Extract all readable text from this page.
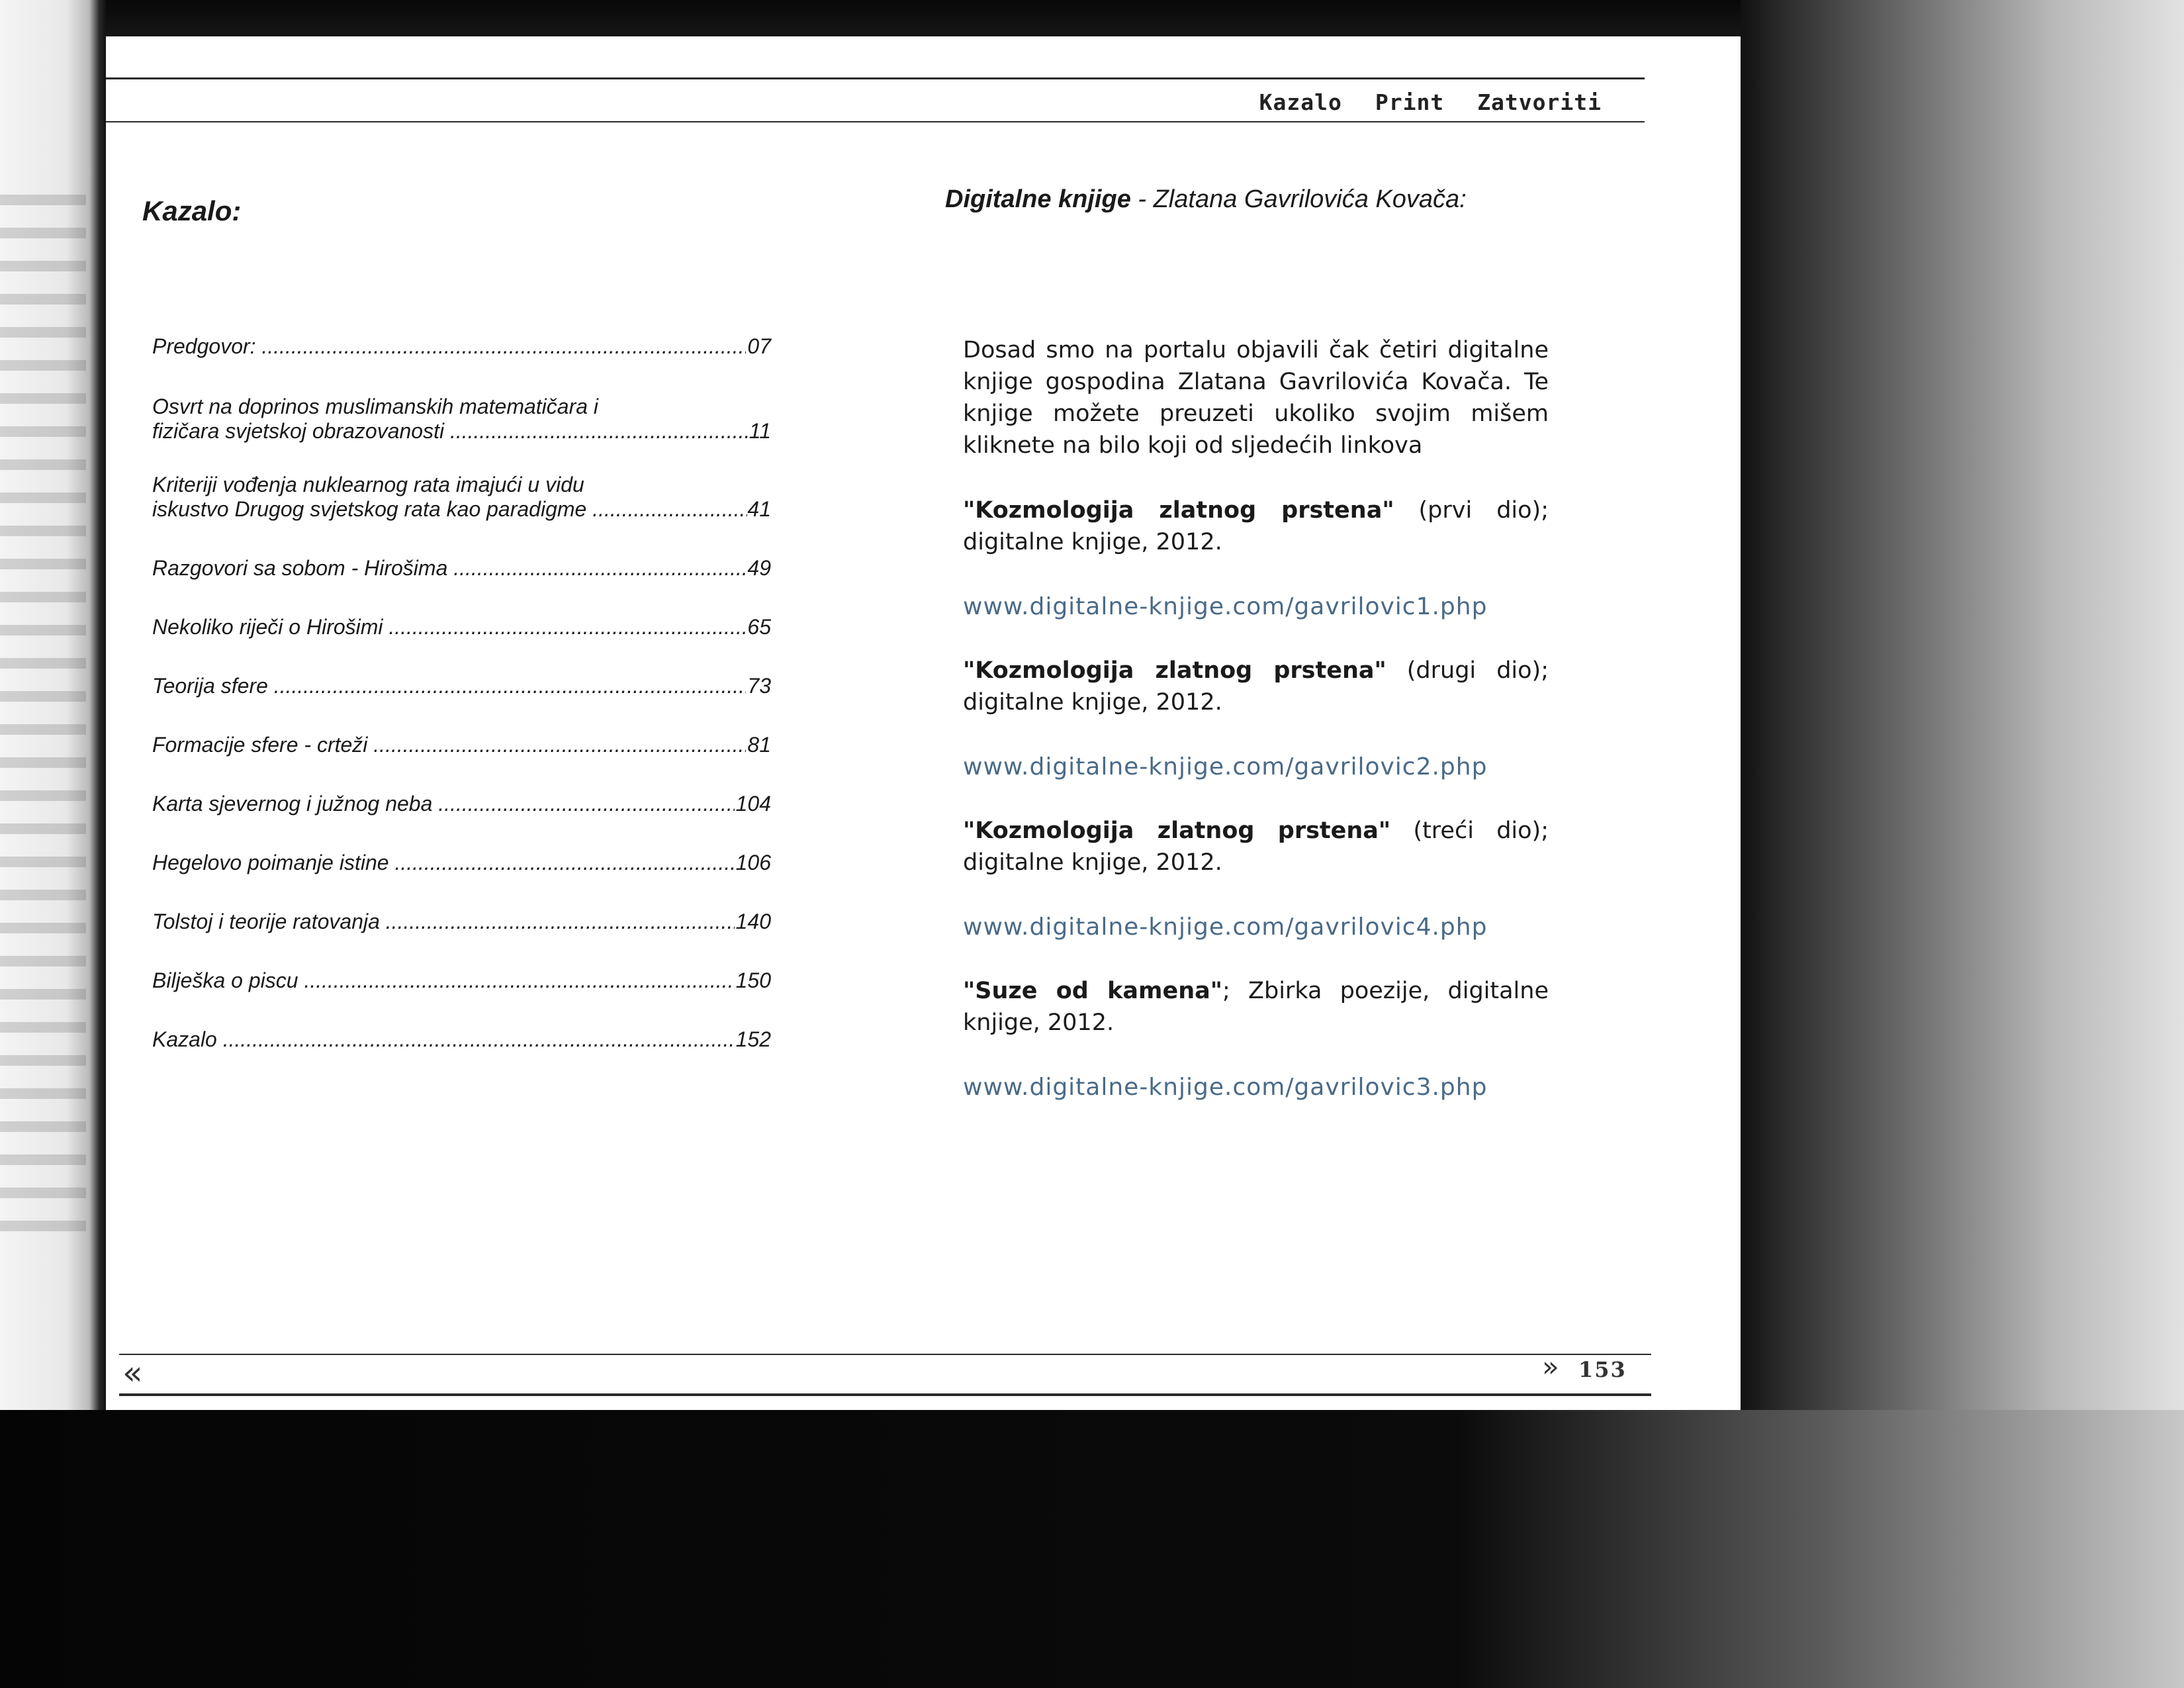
Kazalo Print Zatvoriti
Kazalo:	Digitalne knjige - Zlatana Gavrilovića Kovača:
Predgovor: .....	07
Osvrt na doprinos muslimanskih matematičara i
fizičara svjetskoj obrazovanosti .....	11
Kriteriji vođenja nuklearnog rata imajući u vidu
iskustvo Drugog svjetskog rata kao paradigme .....	41
Razgovori sa sobom - Hirošima .....	49
Nekoliko riječi o Hirošimi .....	65
Teorija sfere .....	73
Formacije sfere - crteži .....	81
Karta sjevernog i južnog neba .....	104
Hegelovo poimanje istine .....	106
Tolstoj i teorije ratovanja .....	140
Bilješka o piscu .....	150
Kazalo .....	152

Dosad smo na portalu objavili čak četiri digitalne knjige gospodina Zlatana Gavrilovića Kovača. Te knjige možete preuzeti ukoliko svojim mišem kliknete na bilo koji od sljedećih linkova

"Kozmologija zlatnog prstena" (prvi dio); digitalne knjige, 2012.

www.digitalne-knjige.com/gavrilovic1.php

"Kozmologija zlatnog prstena" (drugi dio); digitalne knjige, 2012.

www.digitalne-knjige.com/gavrilovic2.php

"Kozmologija zlatnog prstena" (treći dio); digitalne knjige, 2012.

www.digitalne-knjige.com/gavrilovic4.php

"Suze od kamena"; Zbirka poezije, digitalne knjige, 2012.

www.digitalne-knjige.com/gavrilovic3.php
«	» 153
